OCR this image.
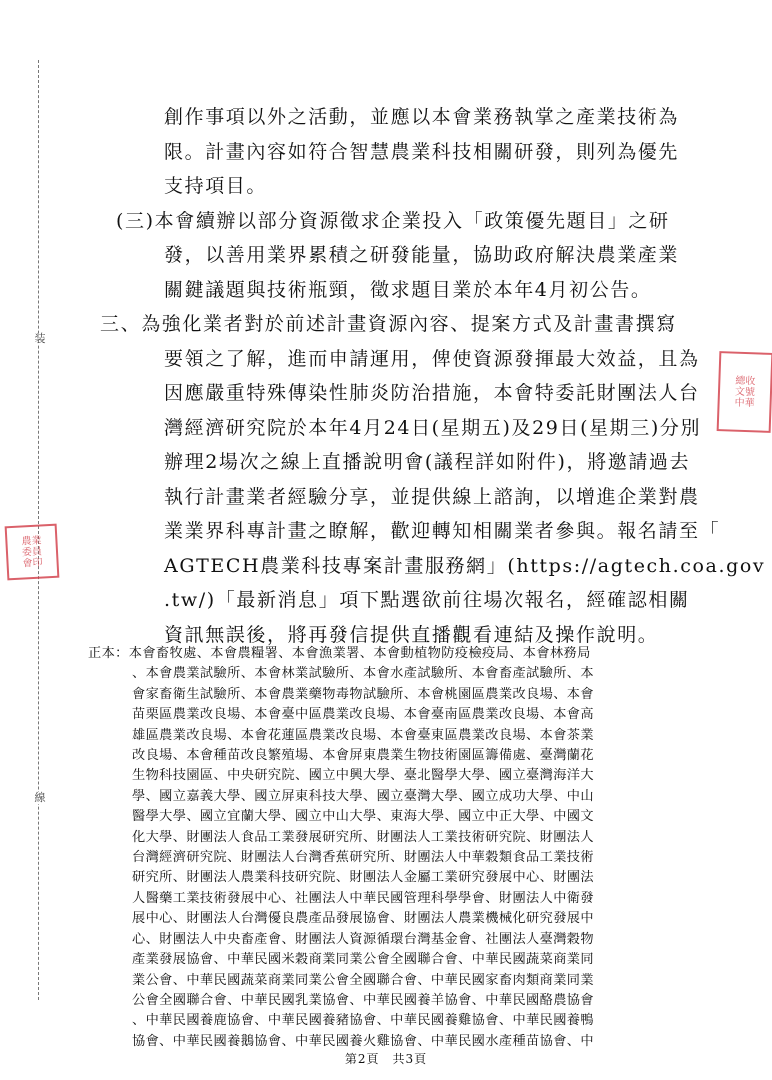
装
線
農業
委員
會印
總收
文號
中華
創作事項以外之活動，並應以本會業務執掌之產業技術為
限。計畫內容如符合智慧農業科技相關研發，則列為優先
支持項目。
(三)本會續辦以部分資源徵求企業投入「政策優先題目」之研
發，以善用業界累積之研發能量，協助政府解決農業產業
關鍵議題與技術瓶頸，徵求題目業於本年4月初公告。
三、為強化業者對於前述計畫資源內容、提案方式及計畫書撰寫
要領之了解，進而申請運用，俾使資源發揮最大效益，且為
因應嚴重特殊傳染性肺炎防治措施，本會特委託財團法人台
灣經濟研究院於本年4月24日(星期五)及29日(星期三)分別
辦理2場次之線上直播說明會(議程詳如附件)，將邀請過去
執行計畫業者經驗分享，並提供線上諮詢，以增進企業對農
業業界科專計畫之瞭解，歡迎轉知相關業者參與。報名請至「
AGTECH農業科技專案計畫服務網」(https://agtech.coa.gov
.tw/)「最新消息」項下點選欲前往場次報名，經確認相關
資訊無誤後，將再發信提供直播觀看連結及操作說明。
正本：本會畜牧處、本會農糧署、本會漁業署、本會動植物防疫檢疫局、本會林務局
、本會農業試驗所、本會林業試驗所、本會水產試驗所、本會畜產試驗所、本
會家畜衛生試驗所、本會農業藥物毒物試驗所、本會桃園區農業改良場、本會
苗栗區農業改良場、本會臺中區農業改良場、本會臺南區農業改良場、本會高
雄區農業改良場、本會花蓮區農業改良場、本會臺東區農業改良場、本會茶業
改良場、本會種苗改良繁殖場、本會屏東農業生物技術園區籌備處、臺灣蘭花
生物科技園區、中央研究院、國立中興大學、臺北醫學大學、國立臺灣海洋大
學、國立嘉義大學、國立屏東科技大學、國立臺灣大學、國立成功大學、中山
醫學大學、國立宜蘭大學、國立中山大學、東海大學、國立中正大學、中國文
化大學、財團法人食品工業發展研究所、財團法人工業技術研究院、財團法人
台灣經濟研究院、財團法人台灣香蕉研究所、財團法人中華穀類食品工業技術
研究所、財團法人農業科技研究院、財團法人金屬工業研究發展中心、財團法
人醫藥工業技術發展中心、社團法人中華民國管理科學學會、財團法人中衛發
展中心、財團法人台灣優良農產品發展協會、財團法人農業機械化研究發展中
心、財團法人中央畜產會、財團法人資源循環台灣基金會、社團法人臺灣穀物
產業發展協會、中華民國米穀商業同業公會全國聯合會、中華民國蔬菜商業同
業公會、中華民國蔬菜商業同業公會全國聯合會、中華民國家畜肉類商業同業
公會全國聯合會、中華民國乳業協會、中華民國養羊協會、中華民國酪農協會
、中華民國養鹿協會、中華民國養豬協會、中華民國養雞協會、中華民國養鴨
協會、中華民國養鵝協會、中華民國養火雞協會、中華民國水產種苗協會、中
第2頁　共3頁
